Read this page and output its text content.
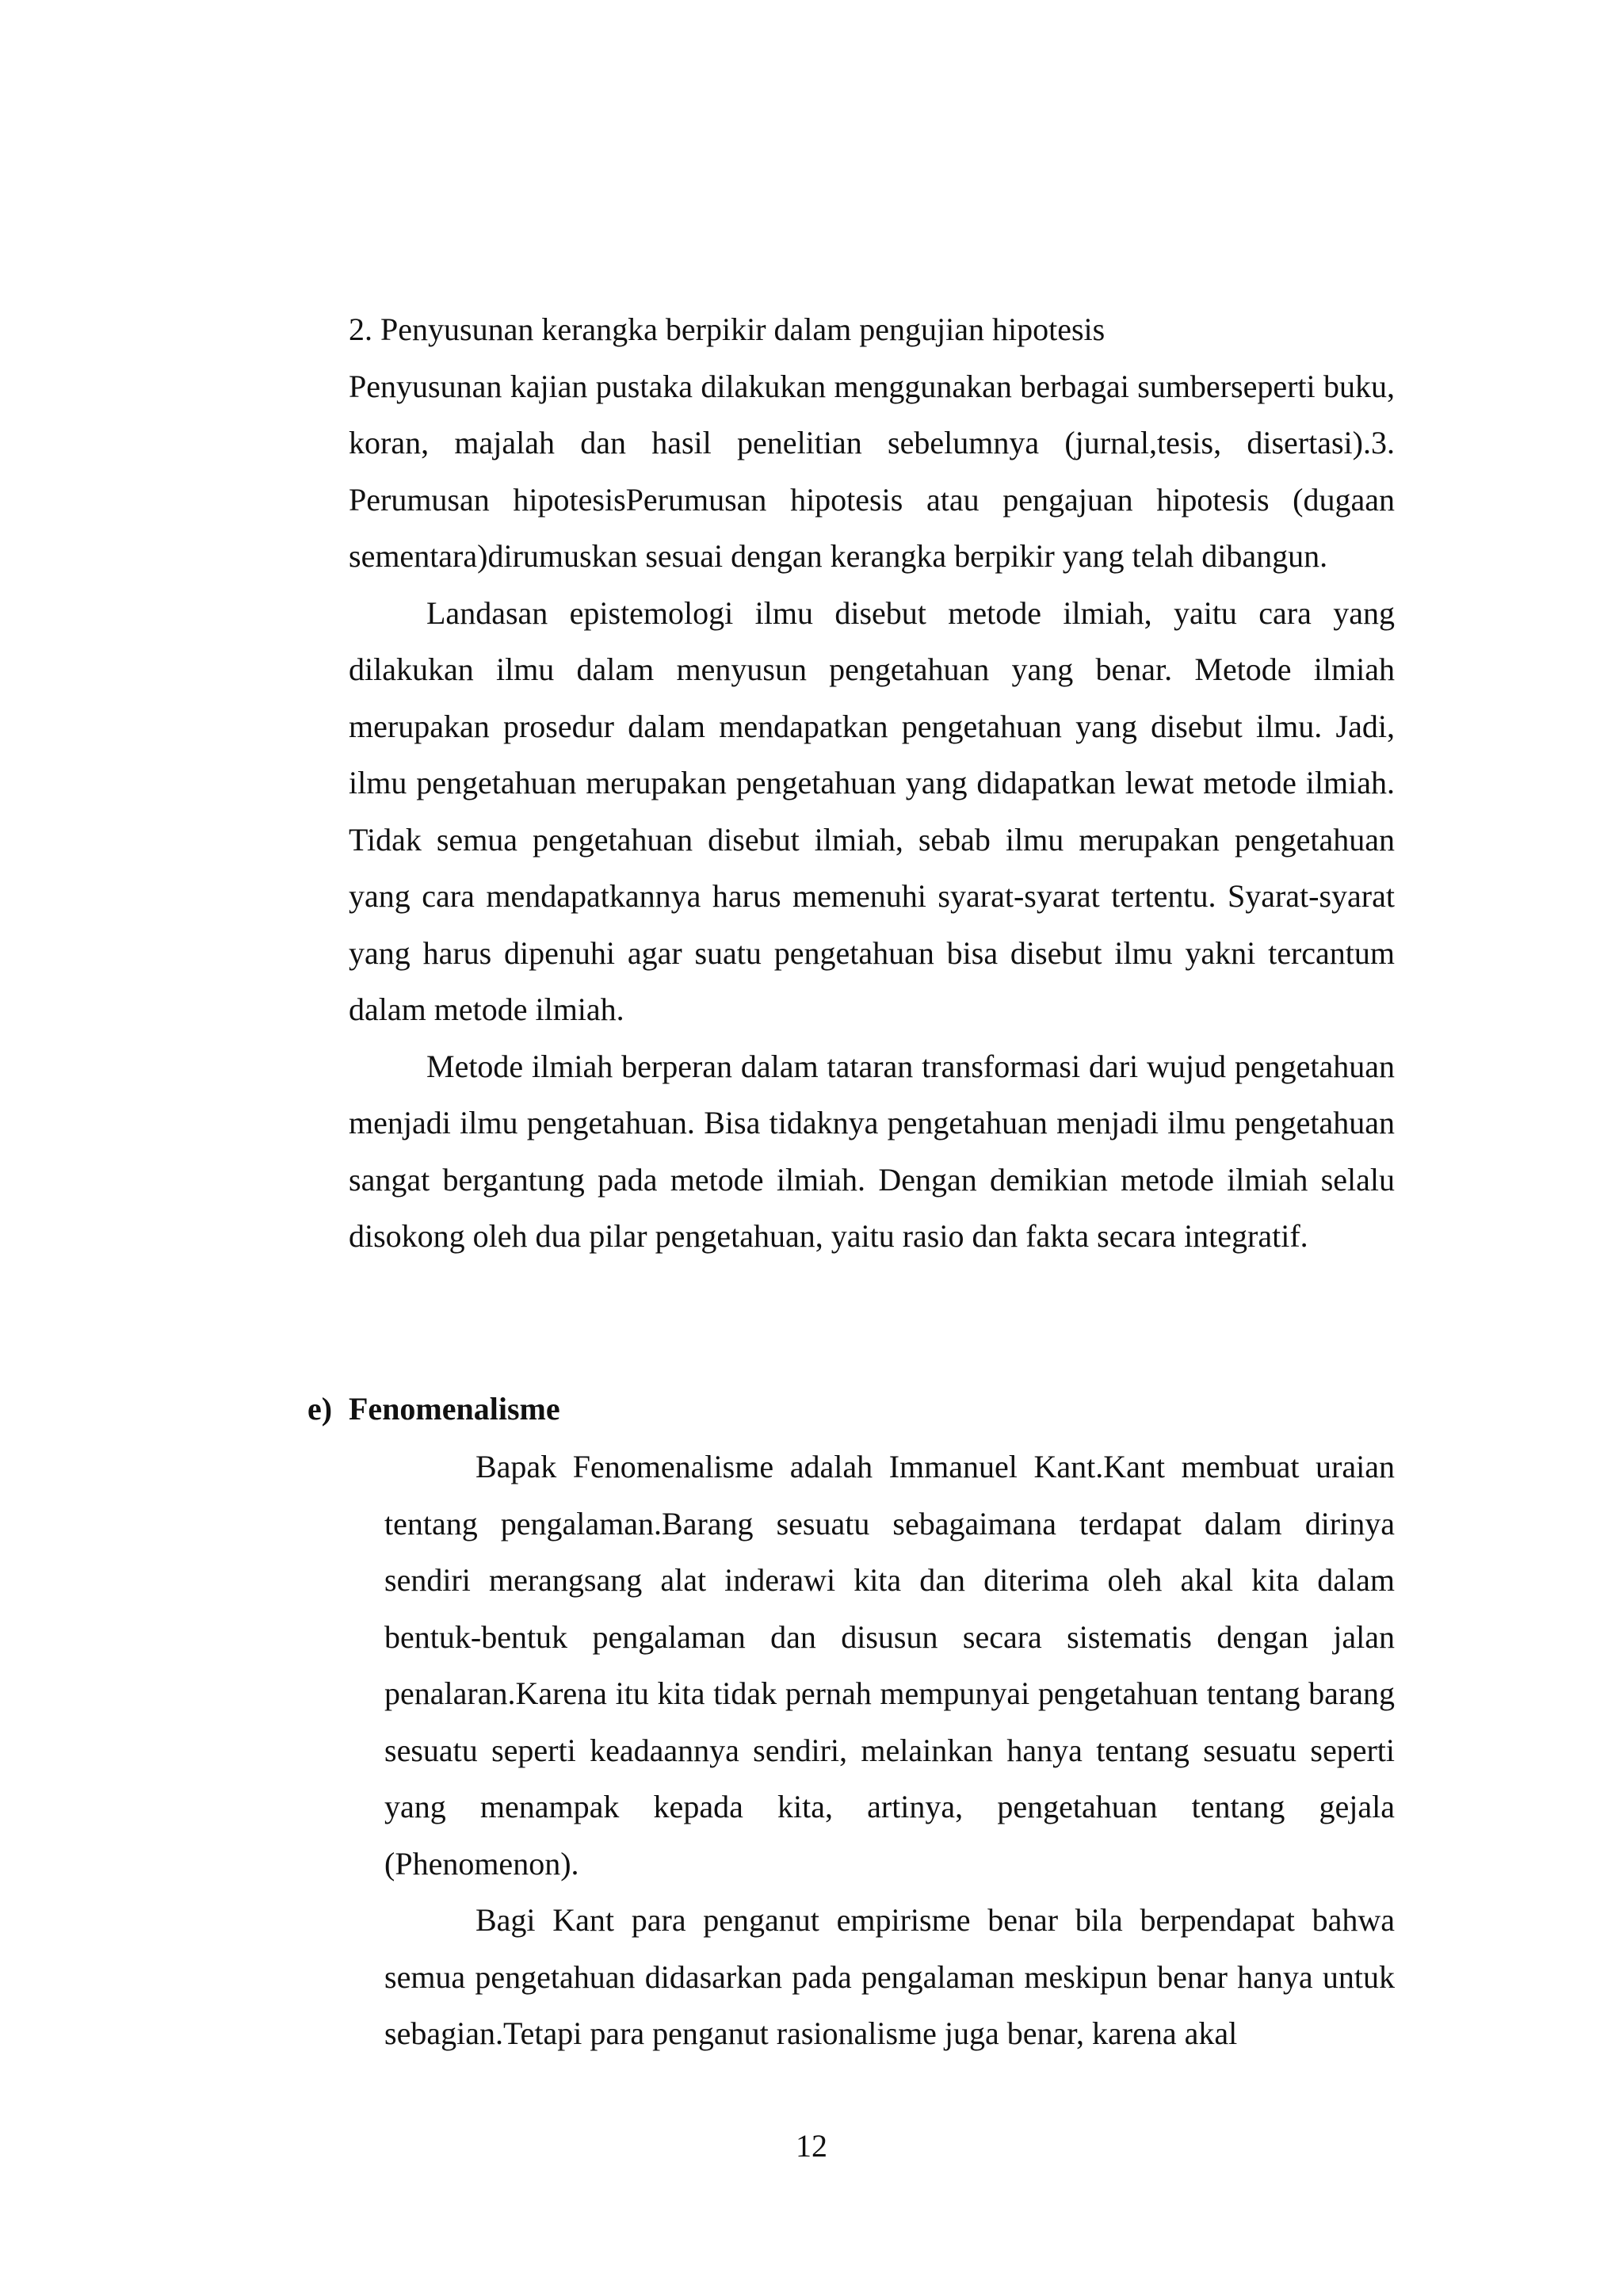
2. Penyusunan kerangka berpikir dalam pengujian hipotesis

Penyusunan kajian pustaka dilakukan menggunakan berbagai sumberseperti buku, koran, majalah dan hasil penelitian sebelumnya (jurnal,tesis, disertasi).3. Perumusan hipotesisPerumusan hipotesis atau pengajuan hipotesis (dugaan sementara)dirumuskan sesuai dengan kerangka berpikir yang telah dibangun.

Landasan epistemologi ilmu disebut metode ilmiah, yaitu cara yang dilakukan ilmu dalam menyusun pengetahuan yang benar. Metode ilmiah merupakan prosedur dalam mendapatkan pengetahuan yang disebut ilmu. Jadi, ilmu pengetahuan merupakan pengetahuan yang didapatkan lewat metode ilmiah. Tidak semua pengetahuan disebut ilmiah, sebab ilmu merupakan pengetahuan yang cara mendapatkannya harus memenuhi syarat-syarat tertentu. Syarat-syarat yang harus dipenuhi agar suatu pengetahuan bisa disebut ilmu yakni tercantum dalam metode ilmiah.

Metode ilmiah berperan dalam tataran transformasi dari wujud pengetahuan menjadi ilmu pengetahuan. Bisa tidaknya pengetahuan menjadi ilmu pengetahuan sangat bergantung pada metode ilmiah. Dengan demikian metode ilmiah selalu disokong oleh dua pilar pengetahuan, yaitu rasio dan fakta secara integratif.

e) Fenomenalisme

Bapak Fenomenalisme adalah Immanuel Kant.Kant membuat uraian tentang pengalaman.Barang sesuatu sebagaimana terdapat dalam dirinya sendiri merangsang alat inderawi kita dan diterima oleh akal kita dalam bentuk-bentuk pengalaman dan disusun secara sistematis dengan jalan penalaran.Karena itu kita tidak pernah mempunyai pengetahuan tentang barang sesuatu seperti keadaannya sendiri, melainkan hanya tentang sesuatu seperti yang menampak kepada kita, artinya, pengetahuan tentang gejala (Phenomenon).

Bagi Kant para penganut empirisme benar bila berpendapat bahwa semua pengetahuan didasarkan pada pengalaman meskipun benar hanya untuk sebagian.Tetapi para penganut rasionalisme juga benar, karena akal

12
